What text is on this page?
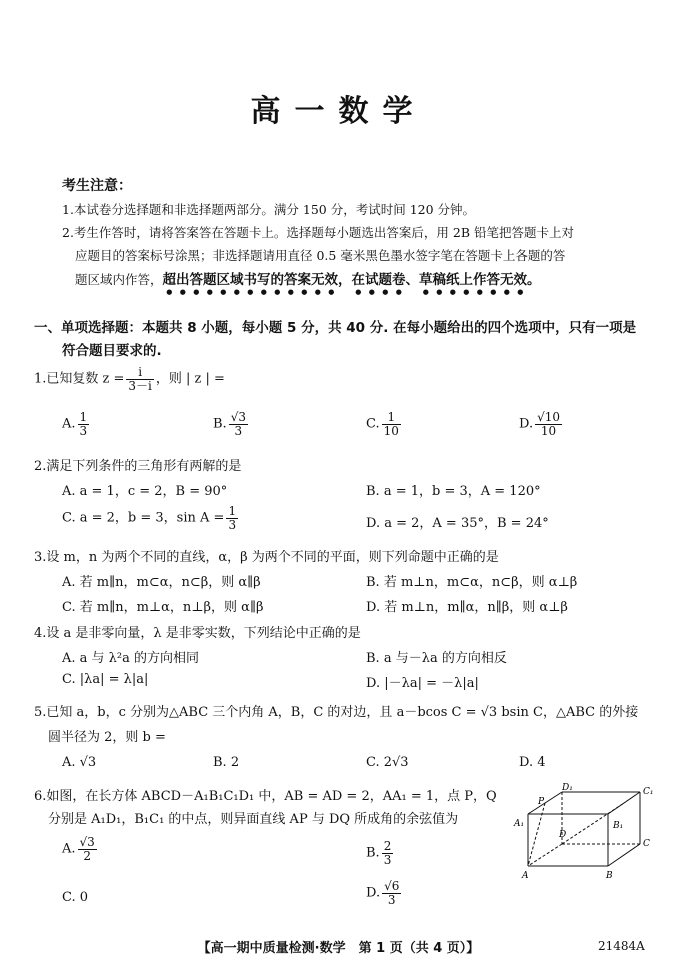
高一数学
考生注意：
1.本试卷分选择题和非选择题两部分。满分 150 分，考试时间 120 分钟。
2.考生作答时，请将答案答在答题卡上。选择题每小题选出答案后，用 2B 铅笔把答题卡上对
应题目的答案标号涂黑；非选择题请用直径 0.5 毫米黑色墨水签字笔在答题卡上各题的答
题区域内作答，超出答题区域书写的答案无效，在试题卷、草稿纸上作答无效。
一、单项选择题：本题共 8 小题，每小题 5 分，共 40 分. 在每小题给出的四个选项中，只有一项是
符合题目要求的.
1.已知复数 $z = \frac{i}{3-i}$ ，则 | z | =
A. $\frac{1}{3}$	B. $\frac{√3}{3}$	C. $\frac{1}{10}$	D. $\frac{√10}{10}$
2.满足下列条件的三角形有两解的是
A. a = 1，c = 2，B = 90°	B. a = 1，b = 3，A = 120°
C. a = 2，b = 3，$\sin A = \frac{1}{3}$	D. a = 2，A = 35°，B = 24°
3.设 m，n 为两个不同的直线，α，β 为两个不同的平面，则下列命题中正确的是
A. 若 m∥n，m⊂α，n⊂β，则 α∥β	B. 若 m⊥n，m⊂α，n⊂β，则 α⊥β
C. 若 m∥n，m⊥α，n⊥β，则 α∥β	D. 若 m⊥n，m∥α，n∥β，则 α⊥β
4.设 a 是非零向量，λ 是非零实数，下列结论中正确的是
A. a 与 λ²a 的方向相同	B. a 与－λa 的方向相反
C. |λa| = λ|a|	D. |－λa| = －λ|a|
5.已知 a，b，c 分别为△ABC 三个内角 A，B，C 的对边，且 a－bcos C = √3 bsin C，△ABC 的外接
圆半径为 2，则 b =
A. √3	B. 2	C. 2√3	D. 4
6.如图，在长方体 ABCD－A₁B₁C₁D₁ 中，AB = AD = 2，AA₁ = 1，点 P，Q
分别是 A₁D₁，B₁C₁ 的中点，则异面直线 AP 与 DQ 所成角的余弦值为
A. $\frac{√3}{2}$	B. $\frac{2}{3}$
C. 0	D. $\frac{√6}{3}$
D₁	C₁
P
A₁	B₁
D
C
A	B
【高一期中质量检测·数学　第 1 页（共 4 页）】	21484A
